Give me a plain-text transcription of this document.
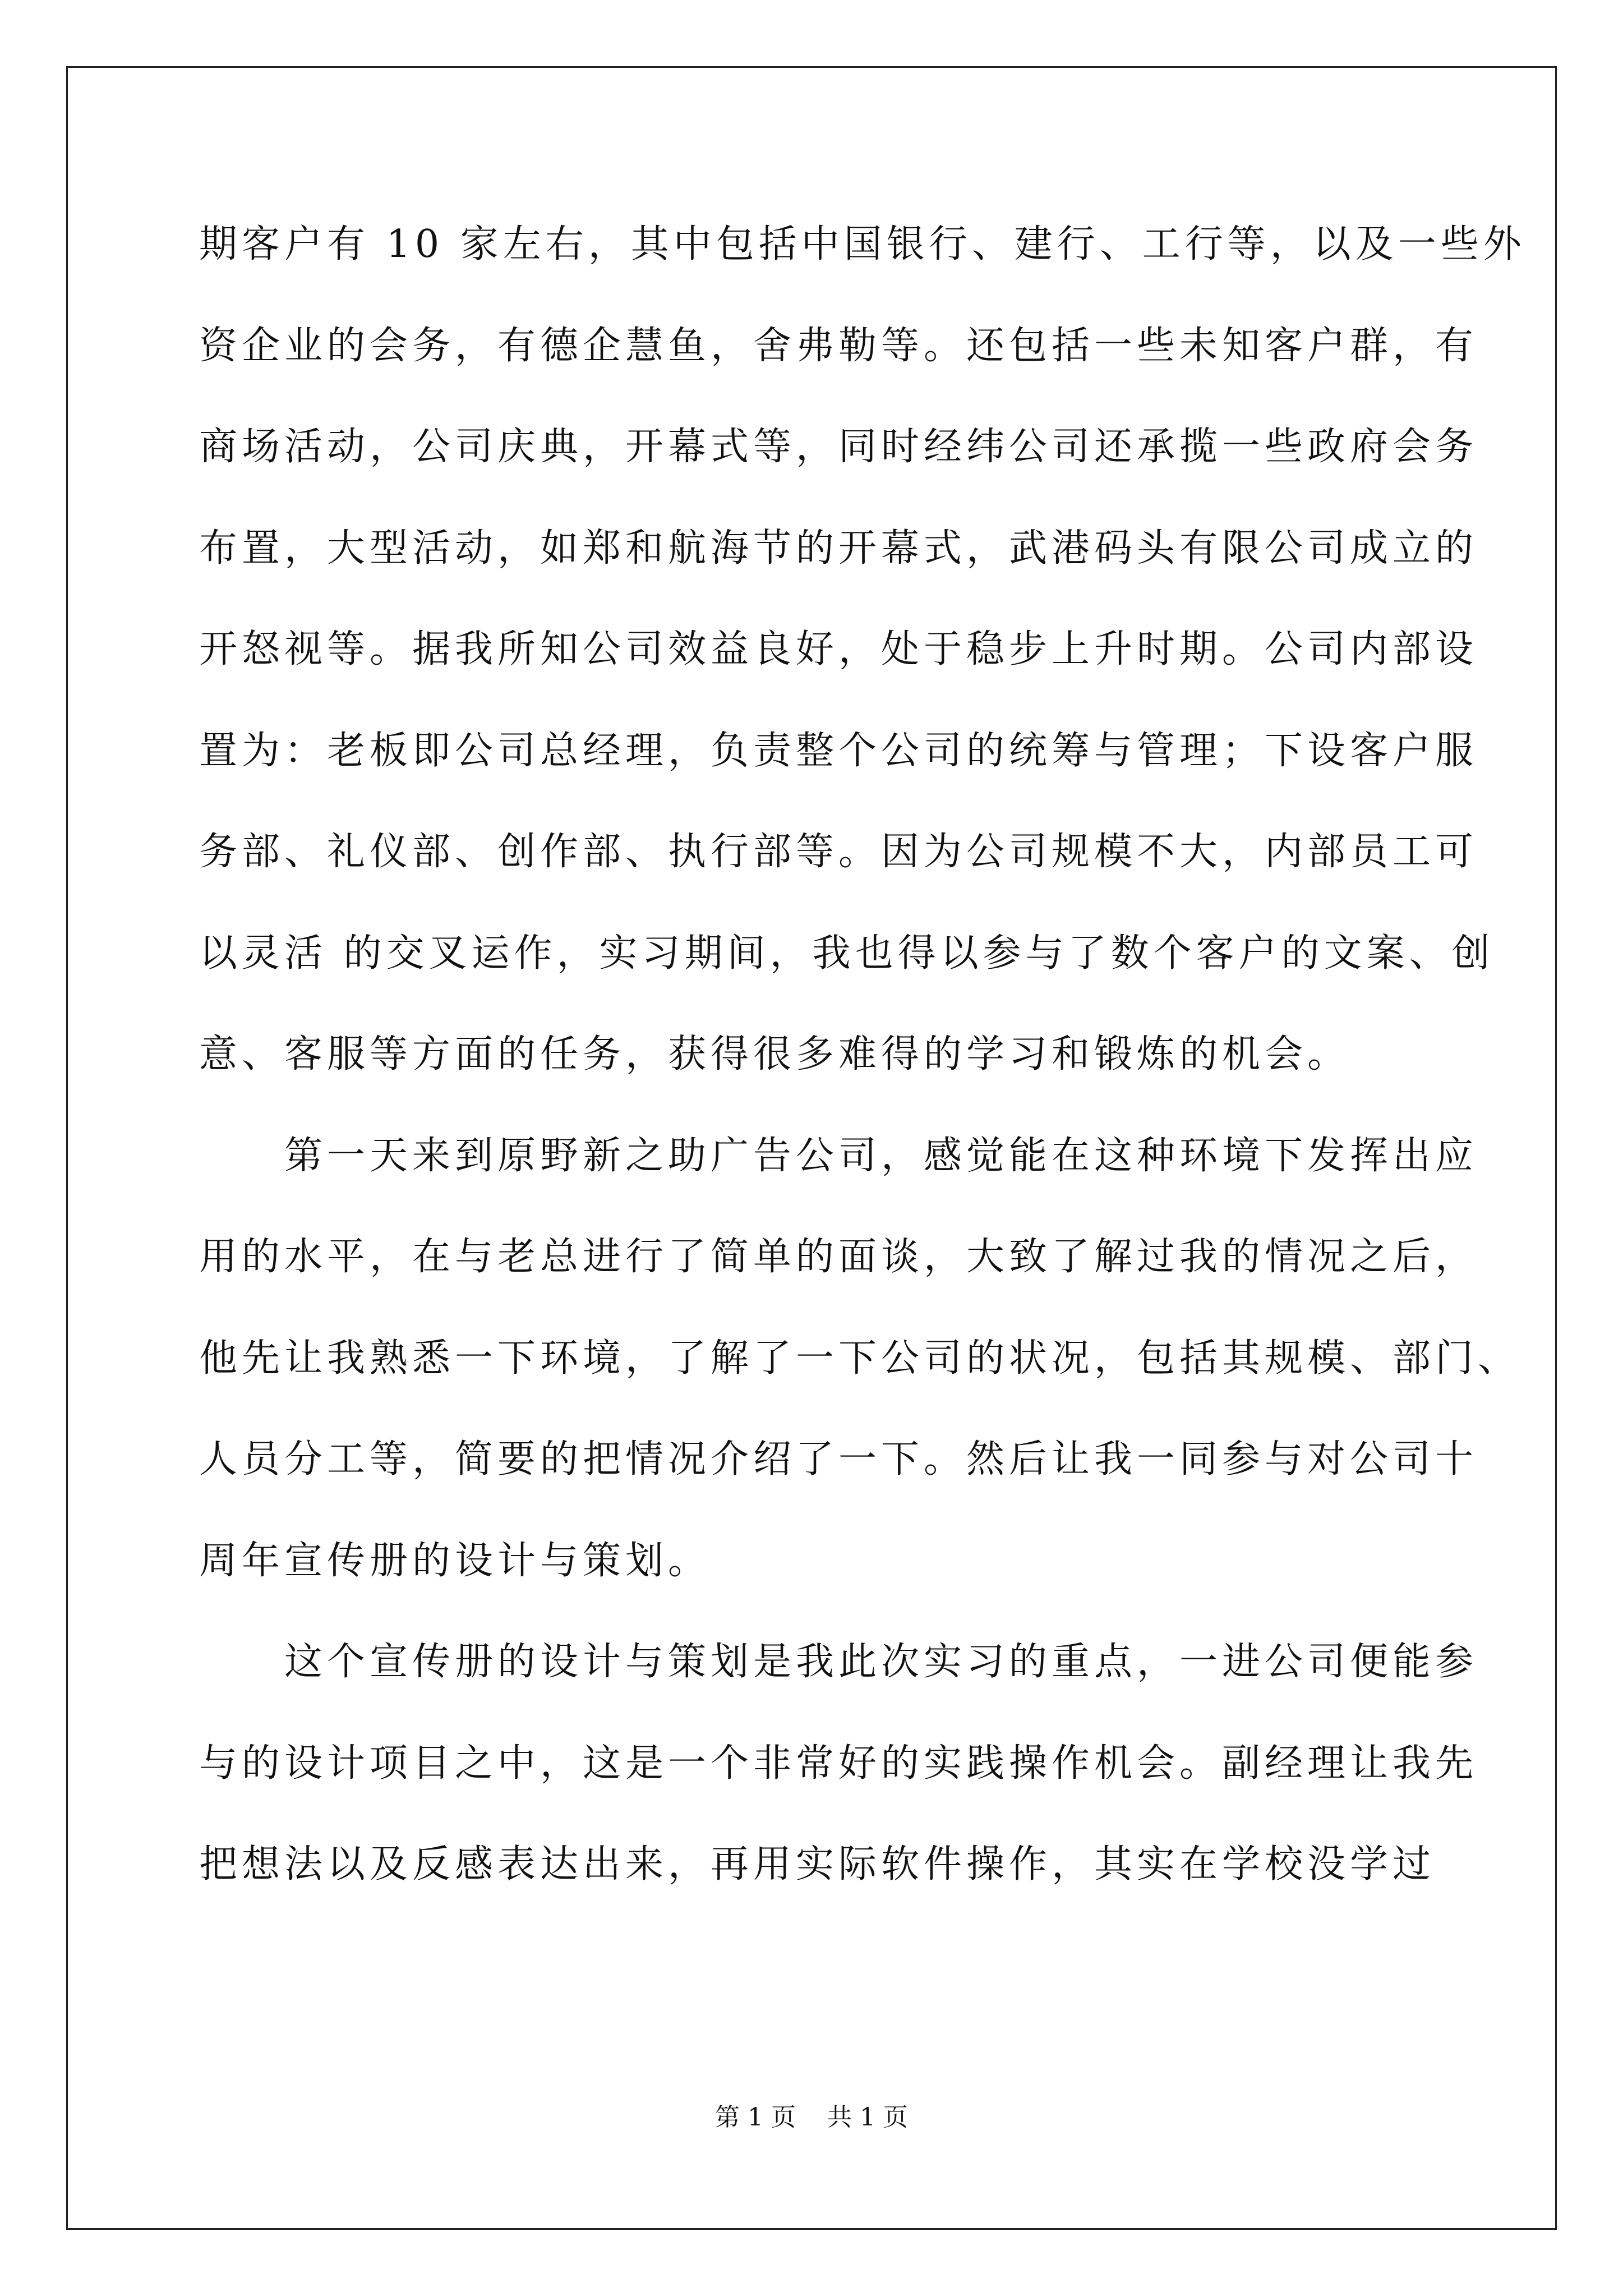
期客户有 10 家左右，其中包括中国银行、建行、工行等，以及一些外
资企业的会务，有德企慧鱼，舍弗勒等。还包括一些未知客户群，有
商场活动，公司庆典，开幕式等，同时经纬公司还承揽一些政府会务
布置，大型活动，如郑和航海节的开幕式，武港码头有限公司成立的
开怒视等。据我所知公司效益良好，处于稳步上升时期。公司内部设
置为：老板即公司总经理，负责整个公司的统筹与管理；下设客户服
务部、礼仪部、创作部、执行部等。因为公司规模不大，内部员工可
以灵活 的交叉运作，实习期间，我也得以参与了数个客户的文案、创
意、客服等方面的任务，获得很多难得的学习和锻炼的机会。
　　第一天来到原野新之助广告公司，感觉能在这种环境下发挥出应
用的水平，在与老总进行了简单的面谈，大致了解过我的情况之后，
他先让我熟悉一下环境，了解了一下公司的状况，包括其规模、部门、
人员分工等，简要的把情况介绍了一下。然后让我一同参与对公司十
周年宣传册的设计与策划。
　　这个宣传册的设计与策划是我此次实习的重点，一进公司便能参
与的设计项目之中，这是一个非常好的实践操作机会。副经理让我先
把想法以及反感表达出来，再用实际软件操作，其实在学校没学过
第 1 页    共 1 页
